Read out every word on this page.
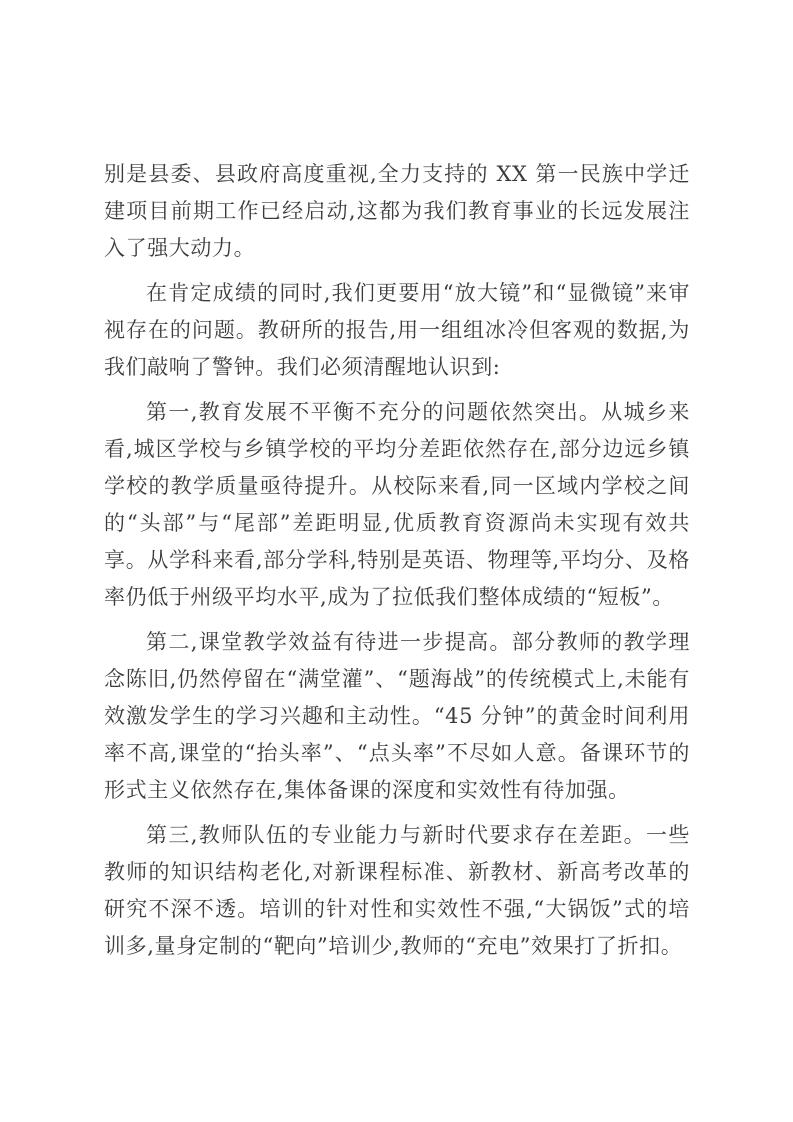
别是县委、县政府高度重视,全力支持的 XX 第一民族中学迁建项目前期工作已经启动,这都为我们教育事业的长远发展注入了强大动力。

在肯定成绩的同时,我们更要用“放大镜”和“显微镜”来审视存在的问题。教研所的报告,用一组组冰冷但客观的数据,为我们敲响了警钟。我们必须清醒地认识到:

第一,教育发展不平衡不充分的问题依然突出。从城乡来看,城区学校与乡镇学校的平均分差距依然存在,部分边远乡镇学校的教学质量亟待提升。从校际来看,同一区域内学校之间的“头部”与“尾部”差距明显,优质教育资源尚未实现有效共享。从学科来看,部分学科,特别是英语、物理等,平均分、及格率仍低于州级平均水平,成为了拉低我们整体成绩的“短板”。

第二,课堂教学效益有待进一步提高。部分教师的教学理念陈旧,仍然停留在“满堂灌”、“题海战”的传统模式上,未能有效激发学生的学习兴趣和主动性。“45 分钟”的黄金时间利用率不高,课堂的“抬头率”、“点头率”不尽如人意。备课环节的形式主义依然存在,集体备课的深度和实效性有待加强。

第三,教师队伍的专业能力与新时代要求存在差距。一些教师的知识结构老化,对新课程标准、新教材、新高考改革的研究不深不透。培训的针对性和实效性不强,“大锅饭”式的培训多,量身定制的“靶向”培训少,教师的“充电”效果打了折扣。
